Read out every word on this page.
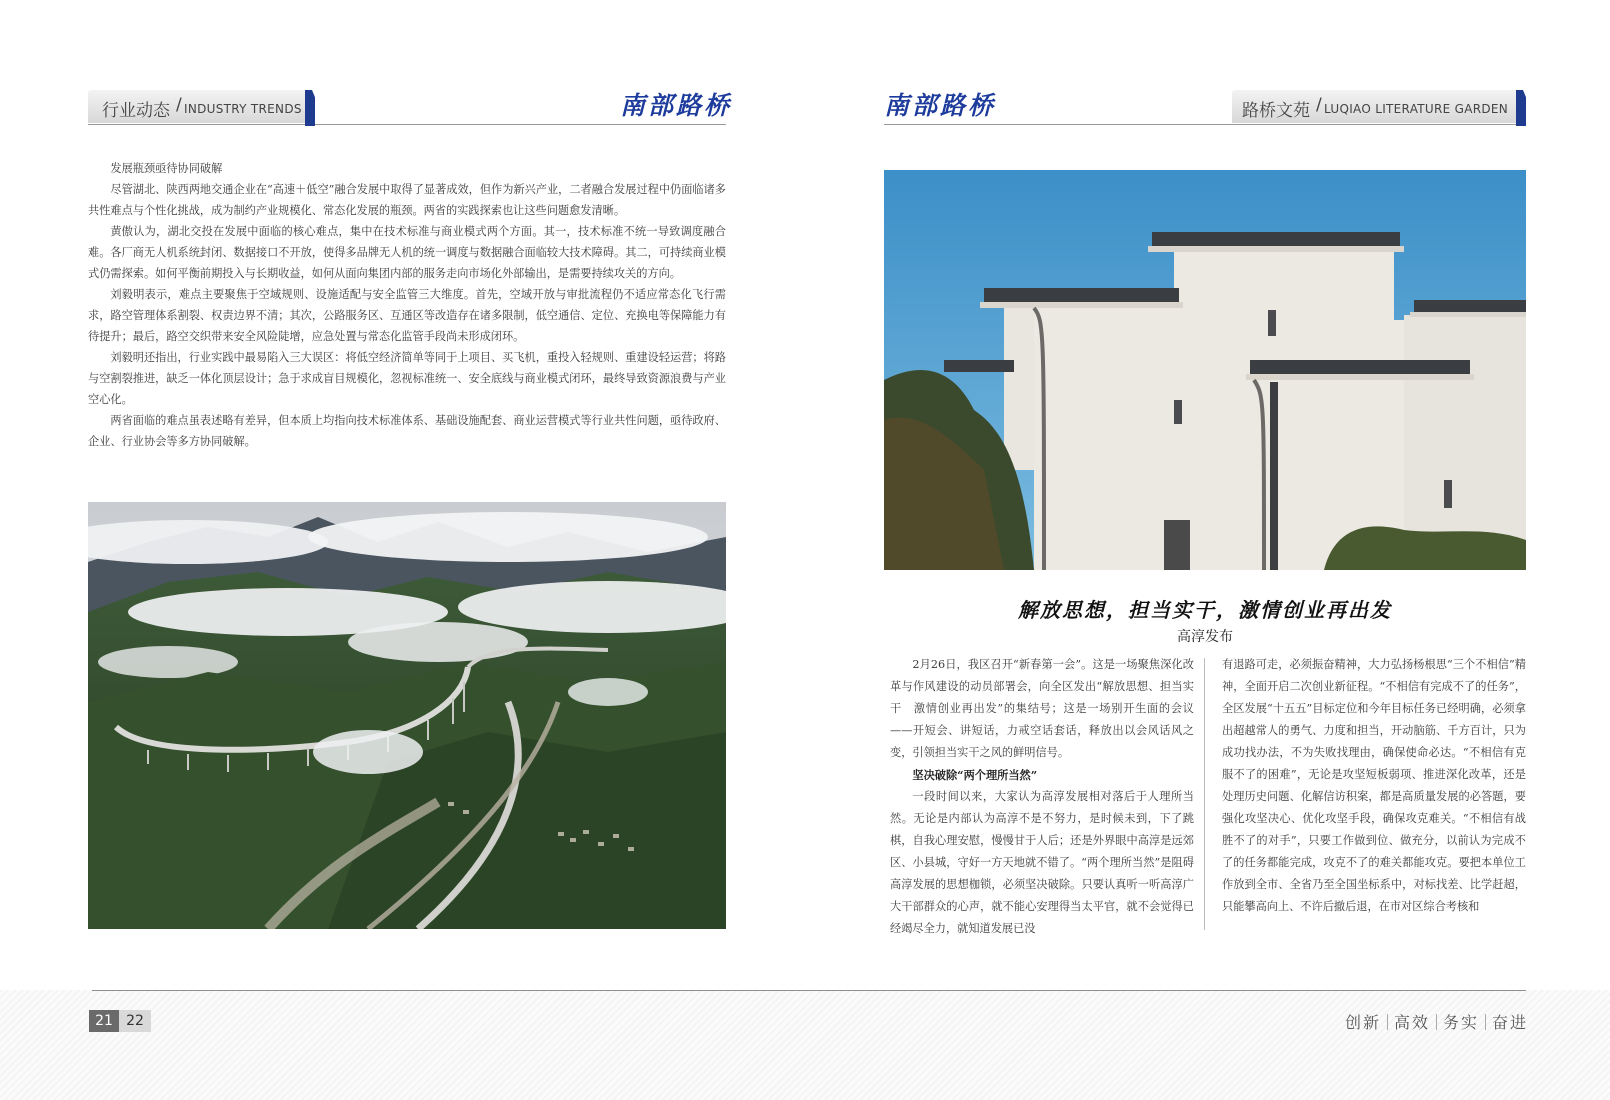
行业动态 / INDUSTRY TRENDS	南部路桥

发展瓶颈亟待协同破解

尽管湖北、陕西两地交通企业在“高速＋低空”融合发展中取得了显著成效，但作为新兴产业，二者融合发展过程中仍面临诸多共性难点与个性化挑战，成为制约产业规模化、常态化发展的瓶颈。两省的实践探索也让这些问题愈发清晰。

黄傲认为，湖北交投在发展中面临的核心难点，集中在技术标准与商业模式两个方面。其一，技术标准不统一导致调度融合难。各厂商无人机系统封闭、数据接口不开放，使得多品牌无人机的统一调度与数据融合面临较大技术障碍。其二，可持续商业模式仍需探索。如何平衡前期投入与长期收益，如何从面向集团内部的服务走向市场化外部输出，是需要持续攻关的方向。

刘毅明表示，难点主要聚焦于空域规则、设施适配与安全监管三大维度。首先，空域开放与审批流程仍不适应常态化飞行需求，路空管理体系割裂、权责边界不清；其次，公路服务区、互通区等改造存在诸多限制，低空通信、定位、充换电等保障能力有待提升；最后，路空交织带来安全风险陡增，应急处置与常态化监管手段尚未形成闭环。

刘毅明还指出，行业实践中最易陷入三大误区：将低空经济简单等同于上项目、买飞机，重投入轻规则、重建设轻运营；将路与空割裂推进，缺乏一体化顶层设计；急于求成盲目规模化，忽视标准统一、安全底线与商业模式闭环，最终导致资源浪费与产业空心化。

两省面临的难点虽表述略有差异，但本质上均指向技术标准体系、基础设施配套、商业运营模式等行业共性问题，亟待政府、企业、行业协会等多方协同破解。

南部路桥	路桥文苑 / LUQIAO LITERATURE GARDEN
解放思想，担当实干，激情创业再出发
高淳发布

2月26日，我区召开“新春第一会”。这是一场聚焦深化改革与作风建设的动员部署会，向全区发出“解放思想、担当实干　激情创业再出发”的集结号；这是一场别开生面的会议——开短会、讲短话，力戒空话套话，释放出以会风话风之变，引领担当实干之风的鲜明信号。

坚决破除“两个理所当然”

一段时间以来，大家认为高淳发展相对落后于人理所当然。无论是内部认为高淳不是不努力，是时候未到，下了跳棋，自我心理安慰，慢慢甘于人后；还是外界眼中高淳是远郊区、小县城，守好一方天地就不错了。“两个理所当然”是阻碍高淳发展的思想枷锁，必须坚决破除。只要认真听一听高淳广大干部群众的心声，就不能心安理得当太平官，就不会觉得已经竭尽全力，就知道发展已没

有退路可走，必须振奋精神，大力弘扬杨根思“三个不相信”精神，全面开启二次创业新征程。“不相信有完成不了的任务”，全区发展“十五五”目标定位和今年目标任务已经明确，必须拿出超越常人的勇气、力度和担当，开动脑筋、千方百计，只为成功找办法，不为失败找理由，确保使命必达。“不相信有克服不了的困难”，无论是攻坚短板弱项、推进深化改革，还是处理历史问题、化解信访积案，都是高质量发展的必答题，要强化攻坚决心、优化攻坚手段，确保攻克难关。“不相信有战胜不了的对手”，只要工作做到位、做充分，以前认为完成不了的任务都能完成，攻克不了的难关都能攻克。要把本单位工作放到全市、全省乃至全国坐标系中，对标找差、比学赶超，只能攀高向上、不许后撤后退，在市对区综合考核和

21 22	创新 高效 务实 奋进
